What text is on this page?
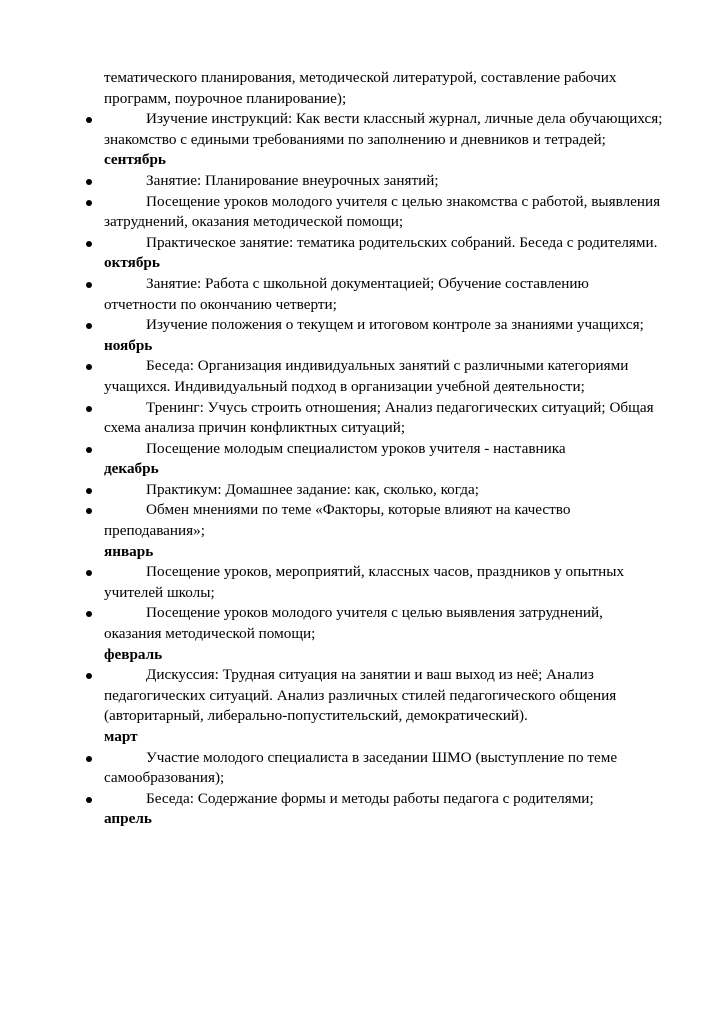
тематического планирования, методической литературой, составление рабочих программ, поурочное планирование);

Изучение инструкций: Как вести классный журнал, личные дела обучающихся; знакомство с едиными требованиями по заполнению и дневников и тетрадей;

сентябрь

Занятие: Планирование внеурочных занятий;

Посещение уроков молодого учителя с целью знакомства с работой, выявления затруднений, оказания методической помощи;

Практическое занятие: тематика родительских собраний. Беседа с родителями.

октябрь

Занятие: Работа с школьной документацией; Обучение составлению отчетности по окончанию четверти;

Изучение положения о текущем и итоговом контроле за знаниями учащихся;

ноябрь

Беседа: Организация индивидуальных занятий с различными категориями учащихся. Индивидуальный подход в организации учебной деятельности;

Тренинг: Учусь строить отношения; Анализ педагогических ситуаций; Общая схема анализа причин конфликтных ситуаций;

Посещение молодым специалистом уроков учителя - наставника

декабрь

Практикум: Домашнее задание: как, сколько, когда;

Обмен мнениями по теме «Факторы, которые влияют на качество преподавания»;

январь

Посещение уроков, мероприятий, классных часов, праздников у опытных учителей школы;

Посещение уроков молодого учителя с целью выявления затруднений, оказания методической помощи;

февраль

Дискуссия: Трудная ситуация на занятии и ваш выход из неё; Анализ педагогических ситуаций. Анализ различных стилей педагогического общения (авторитарный, либерально-попустительский, демократический).

март

Участие молодого специалиста в заседании ШМО (выступление по теме самообразования);

Беседа: Содержание формы и методы работы педагога с родителями;

апрель
